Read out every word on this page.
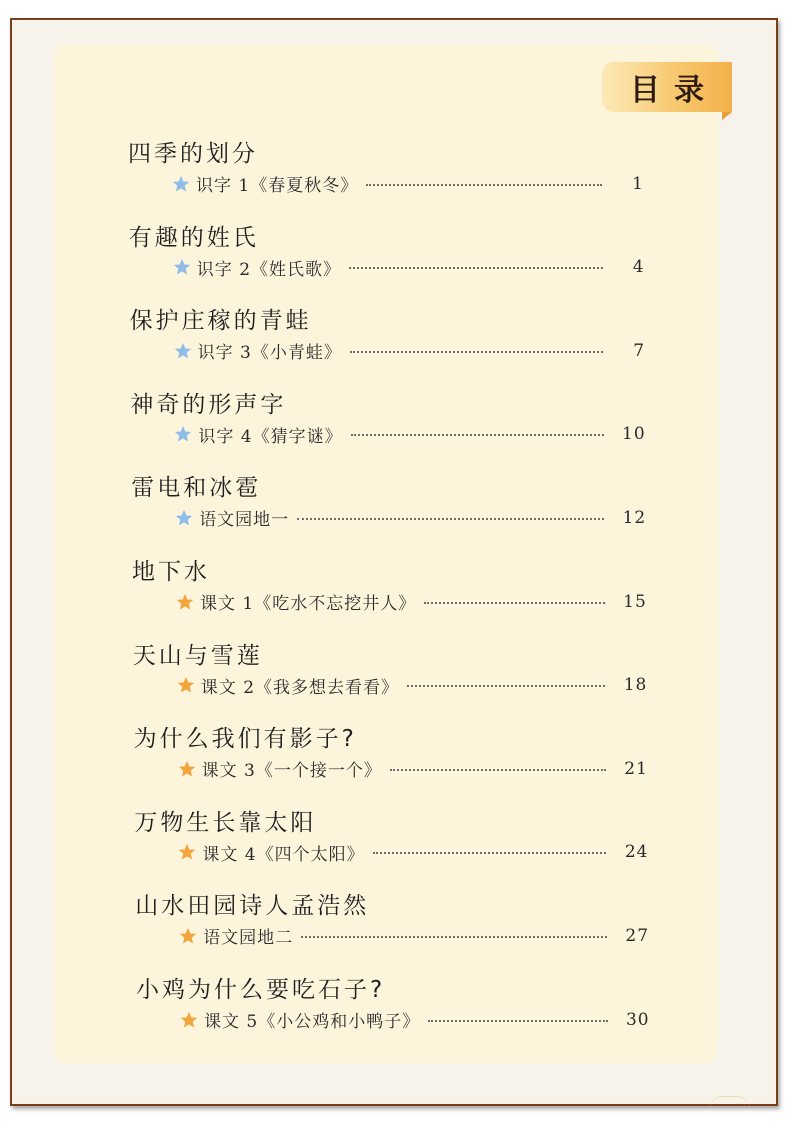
目录
四季的划分
识字 1《春夏秋冬》	1
有趣的姓氏
识字 2《姓氏歌》	4
保护庄稼的青蛙
识字 3《小青蛙》	7
神奇的形声字
识字 4《猜字谜》	10
雷电和冰雹
语文园地一	12
地下水
课文 1《吃水不忘挖井人》	15
天山与雪莲
课文 2《我多想去看看》	18
为什么我们有影子?
课文 3《一个接一个》	21
万物生长靠太阳
课文 4《四个太阳》	24
山水田园诗人孟浩然
语文园地二	27
小鸡为什么要吃石子?
课文 5《小公鸡和小鸭子》	30
